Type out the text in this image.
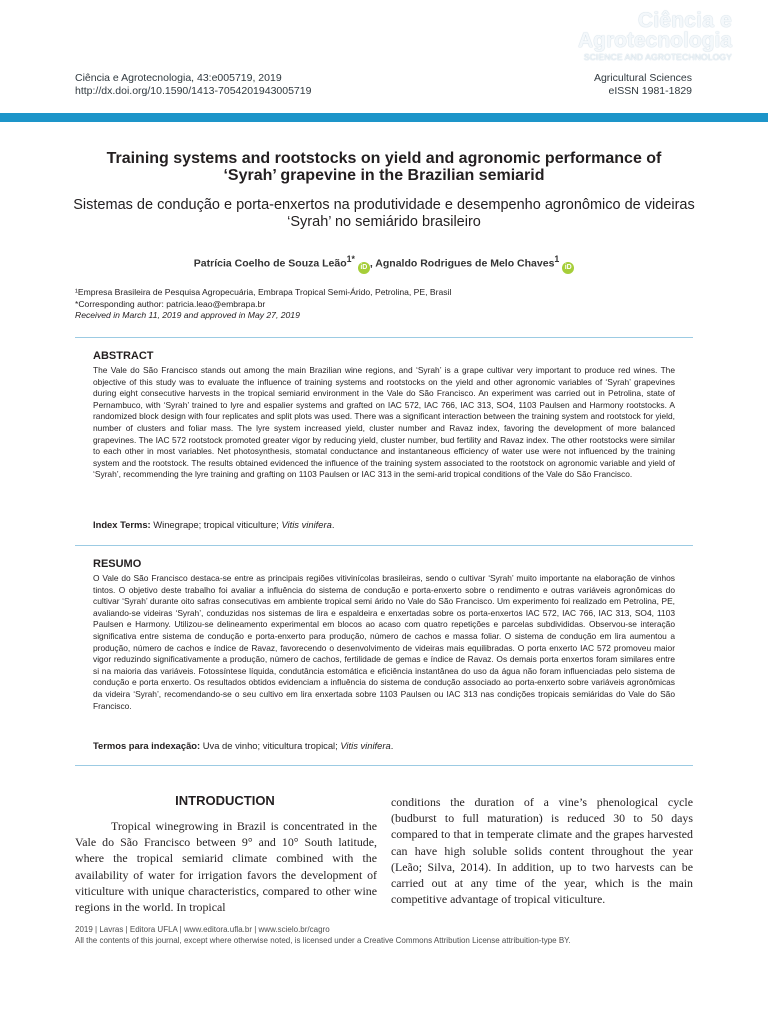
Ciência e Agrotecnologia, 43:e005719, 2019
http://dx.doi.org/10.1590/1413-7054201943005719
Ciência e
Agrotecnologia
SCIENCE AND AGROTECHNOLOGY
Agricultural Sciences
eISSN 1981-1829
Training systems and rootstocks on yield and agronomic performance of ‘Syrah’ grapevine in the Brazilian semiarid
Sistemas de condução e porta-enxertos na produtividade e desempenho agronômico de videiras ‘Syrah’ no semiárido brasileiro
Patrícia Coelho de Souza Leão$^{1*}$ iD , Agnaldo Rodrigues de Melo Chaves$^1$ iD
¹Empresa Brasileira de Pesquisa Agropecuária, Embrapa Tropical Semi-Árido, Petrolina, PE, Brasil
*Corresponding author: patricia.leao@embrapa.br
Received in March 11, 2019 and approved in May 27, 2019
ABSTRACT
The Vale do São Francisco stands out among the main Brazilian wine regions, and ‘Syrah’ is a grape cultivar very important to produce red wines. The objective of this study was to evaluate the influence of training systems and rootstocks on the yield and other agronomic variables of ‘Syrah’ grapevines during eight consecutive harvests in the tropical semiarid environment in the Vale do São Francisco. An experiment was carried out in Petrolina, state of Pernambuco, with ‘Syrah’ trained to lyre and espalier systems and grafted on IAC 572, IAC 766, IAC 313, SO4, 1103 Paulsen and Harmony rootstocks. A randomized block design with four replicates and split plots was used. There was a significant interaction between the training system and rootstock for yield, number of clusters and foliar mass. The lyre system increased yield, cluster number and Ravaz index, favoring the development of more balanced grapevines. The IAC 572 rootstock promoted greater vigor by reducing yield, cluster number, bud fertility and Ravaz index. The other rootstocks were similar to each other in most variables. Net photosynthesis, stomatal conductance and instantaneous efficiency of water use were not influenced by the training system and the rootstock. The results obtained evidenced the influence of the training system associated to the rootstock on agronomic variable and yield of ‘Syrah’, recommending the lyre training and grafting on 1103 Paulsen or IAC 313 in the semi-arid tropical conditions of the Vale do São Francisco.
Index Terms: Winegrape; tropical viticulture; Vitis vinifera.
RESUMO
O Vale do São Francisco destaca-se entre as principais regiões vitivinícolas brasileiras, sendo o cultivar ‘Syrah’ muito importante na elaboração de vinhos tintos. O objetivo deste trabalho foi avaliar a influência do sistema de condução e porta-enxerto sobre o rendimento e outras variáveis agronômicas do cultivar ‘Syrah’ durante oito safras consecutivas em ambiente tropical semi árido no Vale do São Francisco. Um experimento foi realizado em Petrolina, PE, avaliando-se videiras ‘Syrah’, conduzidas nos sistemas de lira e espaldeira e enxertadas sobre os porta-enxertos IAC 572, IAC 766, IAC 313, SO4, 1103 Paulsen e Harmony. Utilizou-se delineamento experimental em blocos ao acaso com quatro repetições e parcelas subdivididas. Observou-se interação significativa entre sistema de condução e porta-enxerto para produção, número de cachos e massa foliar. O sistema de condução em lira aumentou a produção, número de cachos e índice de Ravaz, favorecendo o desenvolvimento de videiras mais equilibradas. O porta enxerto IAC 572 promoveu maior vigor reduzindo significativamente a produção, número de cachos, fertilidade de gemas e índice de Ravaz. Os demais porta enxertos foram similares entre si na maioria das variáveis. Fotossíntese líquida, condutância estomática e eficiência instantânea do uso da água não foram influenciadas pelo sistema de condução e porta enxerto. Os resultados obtidos evidenciam a influência do sistema de condução associado ao porta-enxerto sobre variáveis agronômicas da videira ‘Syrah’, recomendando-se o seu cultivo em lira enxertada sobre 1103 Paulsen ou IAC 313 nas condições tropicais semiáridas do Vale do São Francisco.
Termos para indexação: Uva de vinho; viticultura tropical; Vitis vinifera.
INTRODUCTION
Tropical winegrowing in Brazil is concentrated in the Vale do São Francisco between 9° and 10° South latitude, where the tropical semiarid climate combined with the availability of water for irrigation favors the development of viticulture with unique characteristics, compared to other wine regions in the world. In tropical
conditions the duration of a vine’s phenological cycle (budburst to full maturation) is reduced 30 to 50 days compared to that in temperate climate and the grapes harvested can have high soluble solids content throughout the year (Leão; Silva, 2014). In addition, up to two harvests can be carried out at any time of the year, which is the main competitive advantage of tropical viticulture.
2019 | Lavras | Editora UFLA | www.editora.ufla.br | www.scielo.br/cagro
All the contents of this journal, except where otherwise noted, is licensed under a Creative Commons Attribution License attribuition-type BY.
